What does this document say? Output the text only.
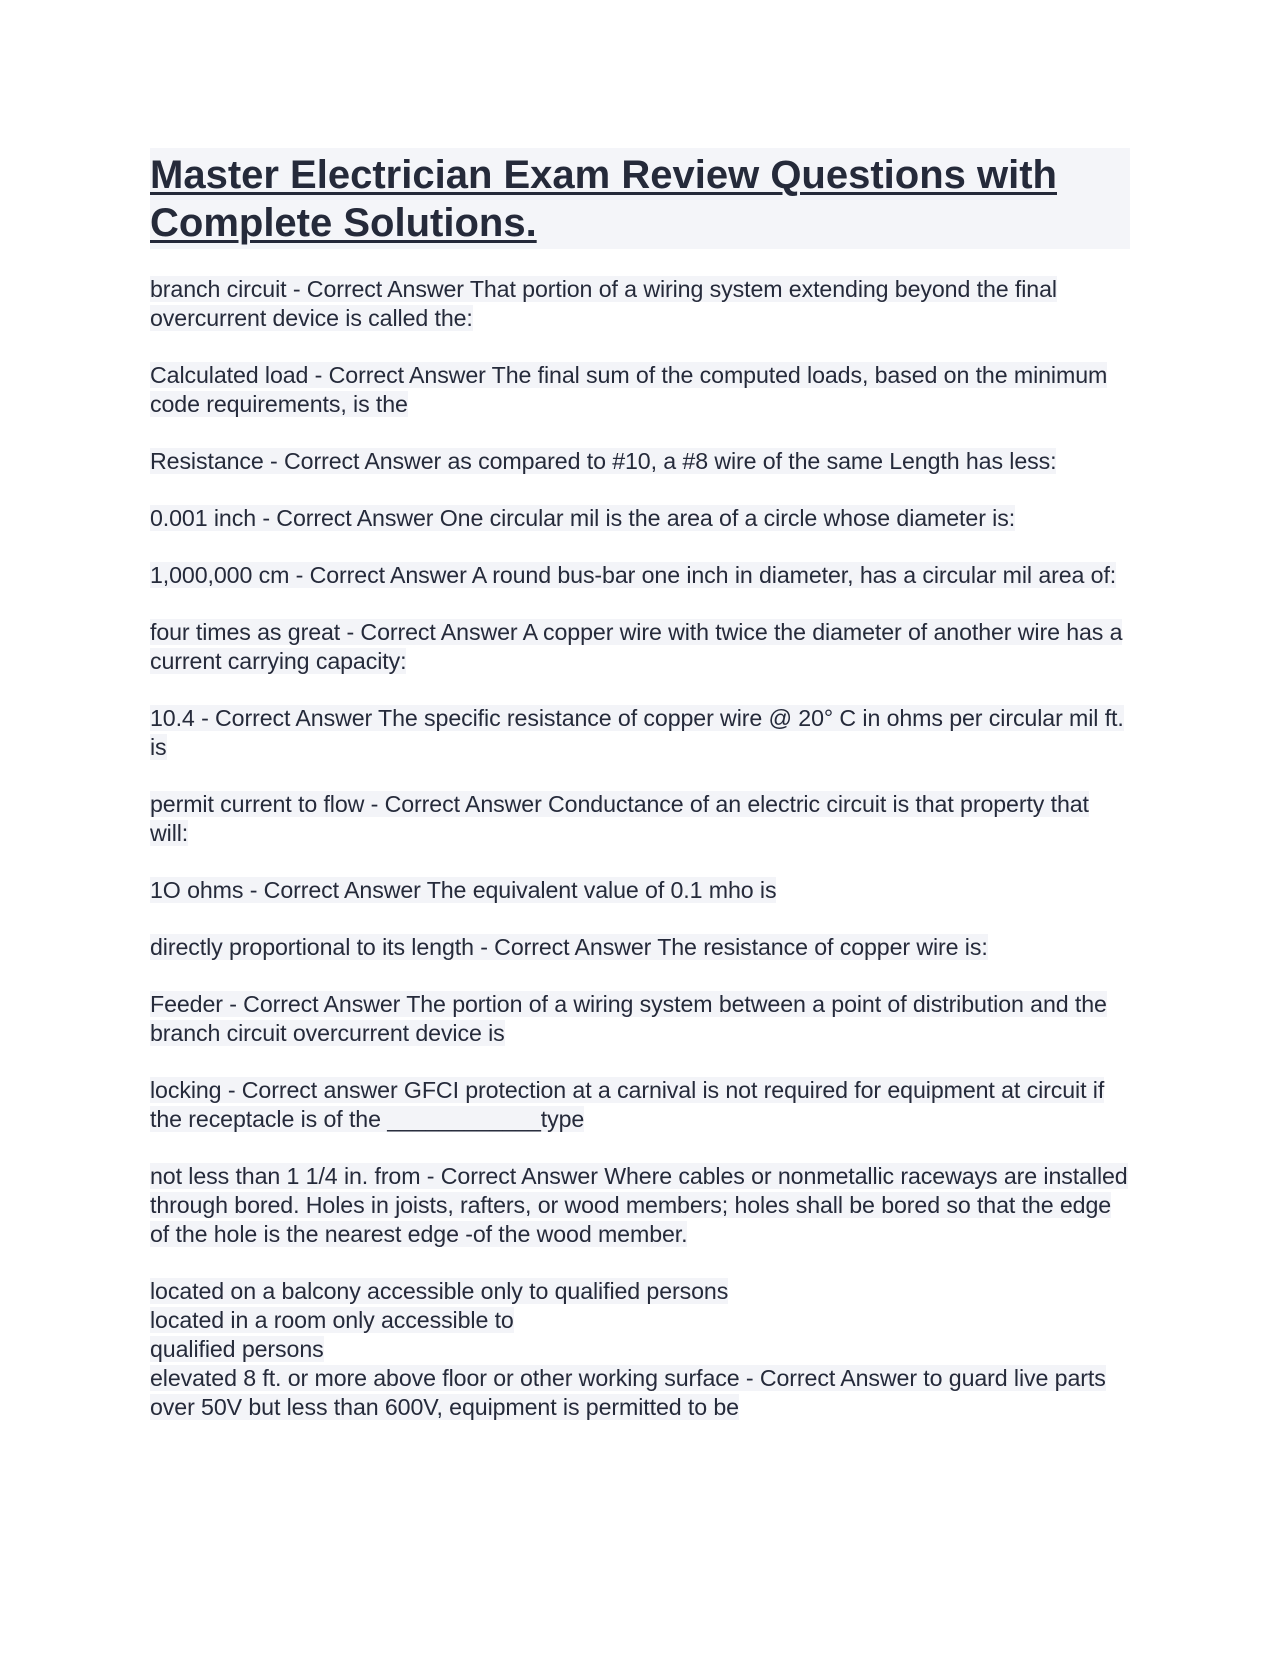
Master Electrician Exam Review Questions with Complete Solutions.

branch circuit - Correct Answer That portion of a wiring system extending beyond the final overcurrent device is called the:

Calculated load - Correct Answer The final sum of the computed loads, based on the minimum code requirements, is the

Resistance - Correct Answer as compared to #10, a #8 wire of the same Length has less:

0.001 inch - Correct Answer One circular mil is the area of a circle whose diameter is:

1,000,000 cm - Correct Answer A round bus-bar one inch in diameter, has a circular mil area of:

four times as great - Correct Answer A copper wire with twice the diameter of another wire has a current carrying capacity:

10.4 - Correct Answer The specific resistance of copper wire @ 20° C in ohms per circular mil ft. is

permit current to flow - Correct Answer Conductance of an electric circuit is that property that will:

1O ohms - Correct Answer The equivalent value of 0.1 mho is

directly proportional to its length - Correct Answer The resistance of copper wire is:

Feeder - Correct Answer The portion of a wiring system between a point of distribution and the branch circuit overcurrent device is

locking - Correct answer GFCI protection at a carnival is not required for equipment at circuit if the receptacle is of the ____________type

not less than 1 1/4 in. from - Correct Answer Where cables or nonmetallic raceways are installed through bored. Holes in joists, rafters, or wood members; holes shall be bored so that the edge of the hole is the nearest edge -of the wood member.

located on a balcony accessible only to qualified persons
located in a room only accessible to
qualified persons
elevated 8 ft. or more above floor or other working surface - Correct Answer to guard live parts over 50V but less than 600V, equipment is permitted to be
